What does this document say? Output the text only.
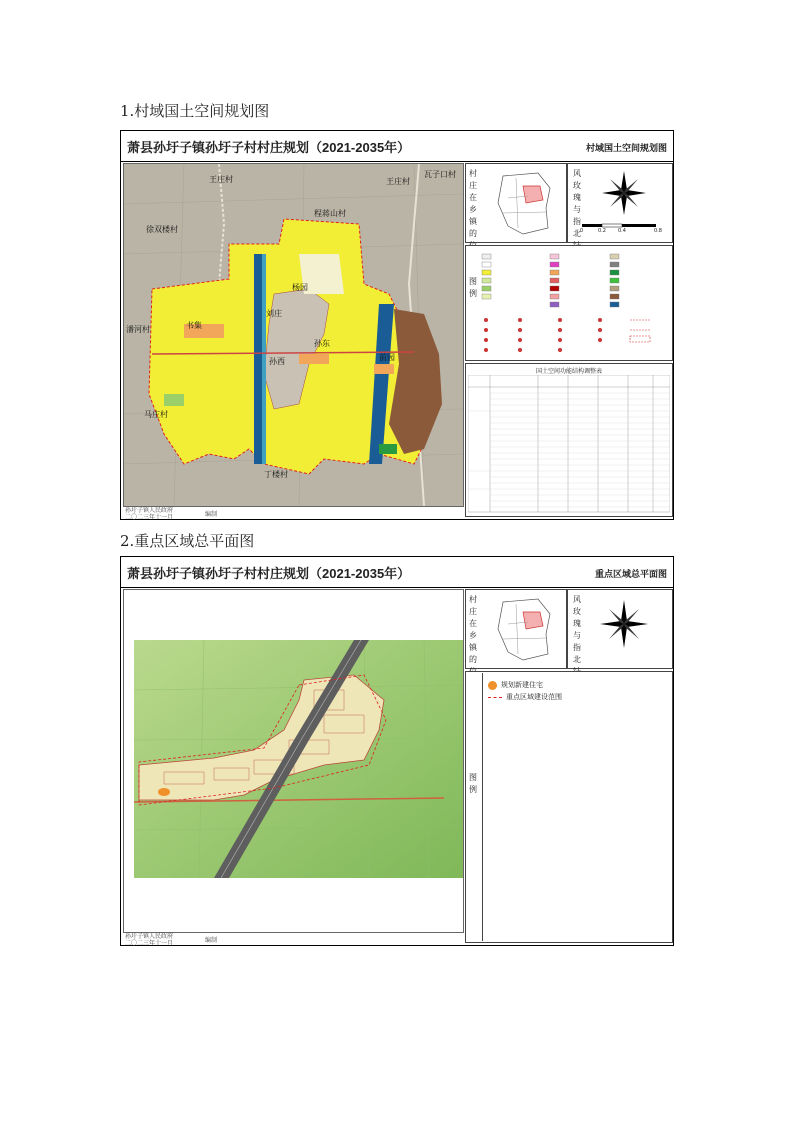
1.村域国土空间规划图
萧县孙圩子镇孙圩子村村庄规划（2021-2035年）	村域国土空间规划图
王庄村	王庄村
瓦子口村
徐双楼村
程蒋山村
刘庄
潘河村	书集
孙东
孙西
马庄村
丁楼村
杨园
前园
孙圩子镇人民政府
二〇二三年十一月	编制
村庄在乡镇的
风玫瑰与指北 0	0.2 0.4	0.8
图例
国土空间功能结构调整表
2.重点区域总平面图
萧县孙圩子镇孙圩子村村庄规划（2021-2035年）	重点区域总平面图
孙圩子镇人民政府
二〇二三年十一月	编制
村庄在乡镇的
风玫瑰与指北
图例
规划新建住宅
重点区域建设范围
